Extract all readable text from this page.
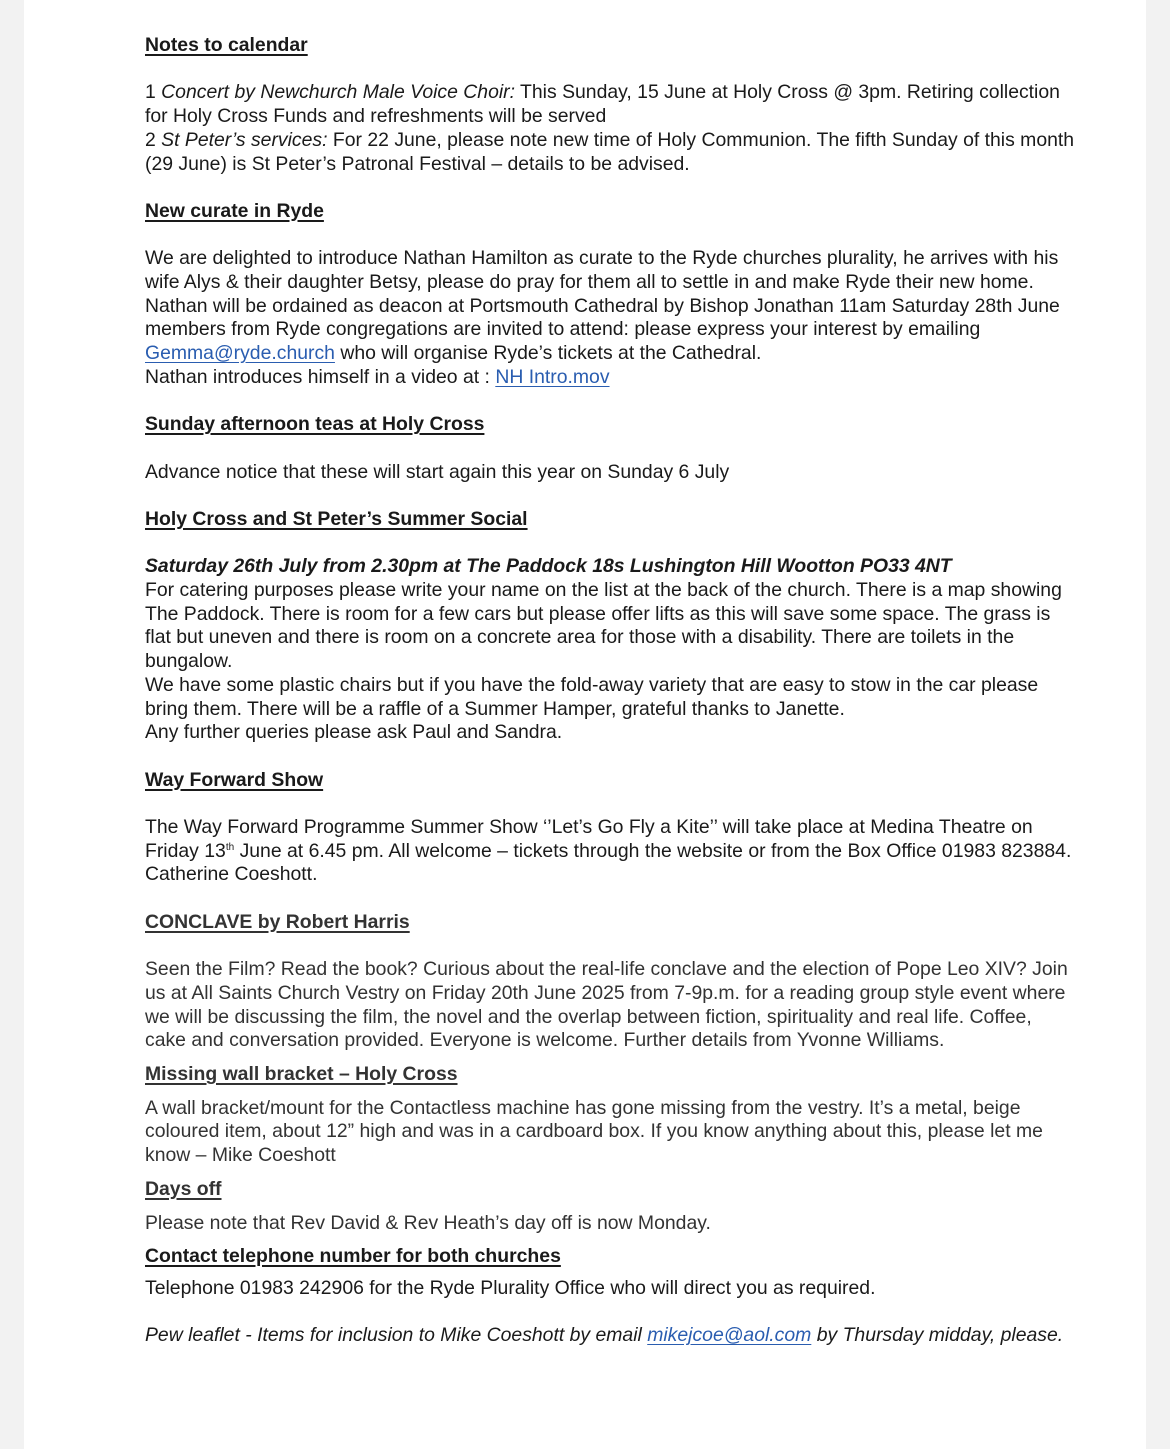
Notes to calendar

1 Concert by Newchurch Male Voice Choir: This Sunday, 15 June at Holy Cross @ 3pm. Retiring collection for Holy Cross Funds and refreshments will be served

2 St Peter’s services: For 22 June, please note new time of Holy Communion. The fifth Sunday of this month (29 June) is St Peter’s Patronal Festival – details to be advised.

New curate in Ryde

We are delighted to introduce Nathan Hamilton as curate to the Ryde churches plurality, he arrives with his wife Alys & their daughter Betsy, please do pray for them all to settle in and make Ryde their new home. Nathan will be ordained as deacon at Portsmouth Cathedral by Bishop Jonathan 11am Saturday 28th June members from Ryde congregations are invited to attend: please express your interest by emailing Gemma@ryde.church who will organise Ryde’s tickets at the Cathedral.

Nathan introduces himself in a video at : NH Intro.mov

Sunday afternoon teas at Holy Cross

Advance notice that these will start again this year on Sunday 6 July

Holy Cross and St Peter’s Summer Social

Saturday 26th July from 2.30pm at The Paddock 18s Lushington Hill Wootton PO33 4NT

For catering purposes please write your name on the list at the back of the church. There is a map showing The Paddock. There is room for a few cars but please offer lifts as this will save some space. The grass is flat but uneven and there is room on a concrete area for those with a disability. There are toilets in the bungalow.

We have some plastic chairs but if you have the fold-away variety that are easy to stow in the car please bring them. There will be a raffle of a Summer Hamper, grateful thanks to Janette.

Any further queries please ask Paul and Sandra.

Way Forward Show

The Way Forward Programme Summer Show ‘’Let’s Go Fly a Kite’’ will take place at Medina Theatre on Friday 13th June at 6.45 pm. All welcome – tickets through the website or from the Box Office 01983 823884. Catherine Coeshott.

CONCLAVE by Robert Harris

Seen the Film? Read the book? Curious about the real-life conclave and the election of Pope Leo XIV? Join us at All Saints Church Vestry on Friday 20th June 2025 from 7-9p.m. for a reading group style event where we will be discussing the film, the novel and the overlap between fiction, spirituality and real life. Coffee, cake and conversation provided. Everyone is welcome. Further details from Yvonne Williams.

Missing wall bracket – Holy Cross

A wall bracket/mount for the Contactless machine has gone missing from the vestry. It’s a metal, beige coloured item, about 12” high and was in a cardboard box. If you know anything about this, please let me know – Mike Coeshott

Days off

Please note that Rev David & Rev Heath’s day off is now Monday.

Contact telephone number for both churches

Telephone 01983 242906 for the Ryde Plurality Office who will direct you as required.

Pew leaflet - Items for inclusion to Mike Coeshott by email mikejcoe@aol.com by Thursday midday, please.
